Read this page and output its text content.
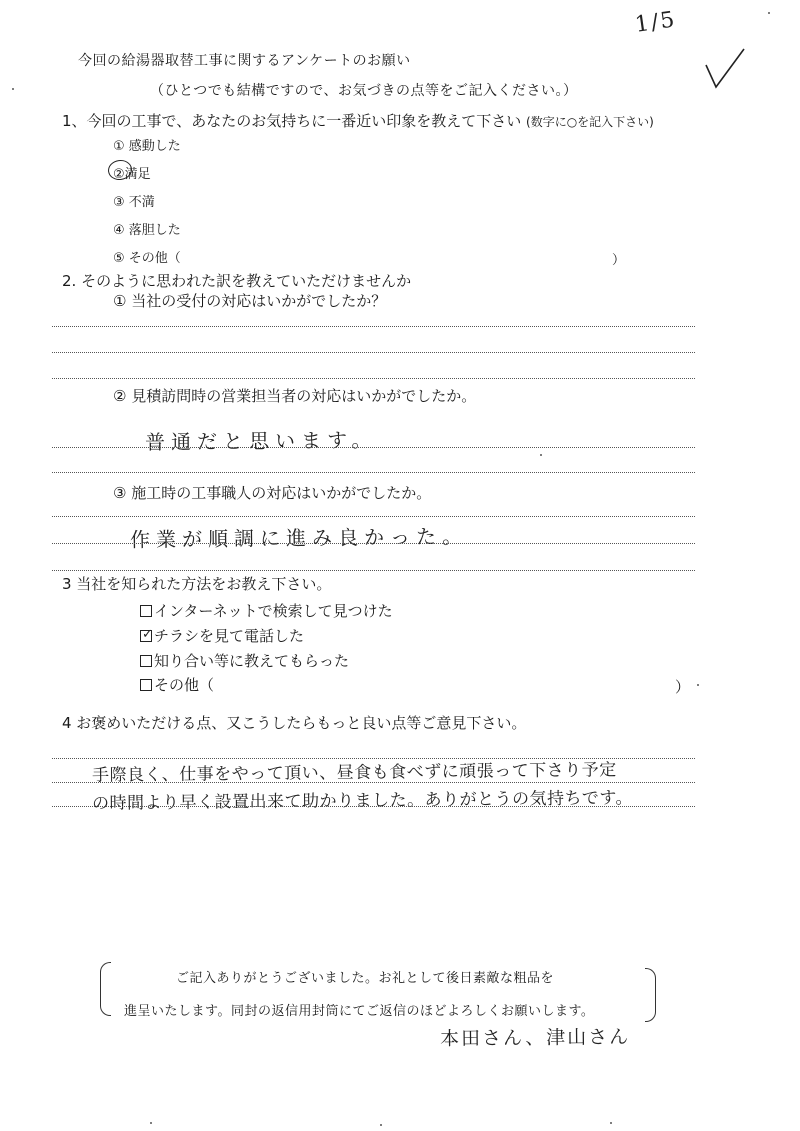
1/5
今回の給湯器取替工事に関するアンケートのお願い
（ひとつでも結構ですので、お気づきの点等をご記入ください。）
1、今回の工事で、あなたのお気持ちに一番近い印象を教えて下さい (数字に○を記入下さい)
① 感動した
②満足
③ 不満
④ 落胆した
⑤ その他（	）
2. そのように思われた訳を教えていただけませんか
① 当社の受付の対応はいかがでしたか？
② 見積訪問時の営業担当者の対応はいかがでしたか。
普通だと思います。
③ 施工時の工事職人の対応はいかがでしたか。
作業が順調に進み良かった。
3 当社を知られた方法をお教え下さい。
インターネットで検索して見つけた
✓ チラシを見て電話した
知り合い等に教えてもらった
その他（	）
4 お褒めいただける点、又こうしたらもっと良い点等ご意見下さい。
手際良く、仕事をやって頂い、昼食も食べずに頑張って下さり予定
の時間より早く設置出来て助かりました。ありがとうの気持ちです。
ご記入ありがとうございました。お礼として後日素敵な粗品を
進呈いたします。同封の返信用封筒にてご返信のほどよろしくお願いします。
本田さん、津山さん
